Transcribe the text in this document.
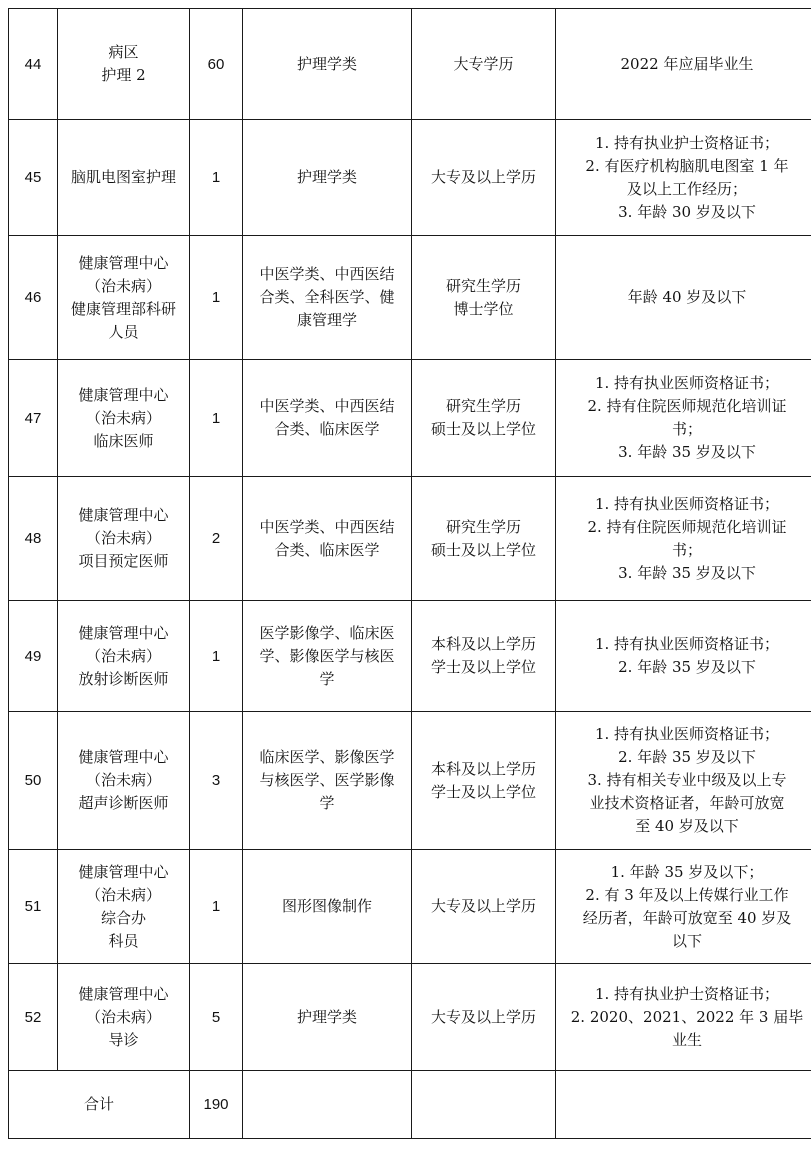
44	病区
护理 2	60	护理学类	大专学历	2022 年应届毕业生
45	脑肌电图室护理	1	护理学类	大专及以上学历	1. 持有执业护士资格证书；
2. 有医疗机构脑肌电图室 1 年
及以上工作经历；
3. 年龄 30 岁及以下
46	健康管理中心
（治未病）
健康管理部科研
人员	1	中医学类、中西医结
合类、全科医学、健
康管理学	研究生学历
博士学位	年龄 40 岁及以下
47	健康管理中心
（治未病）
临床医师	1	中医学类、中西医结
合类、临床医学	研究生学历
硕士及以上学位	1. 持有执业医师资格证书；
2. 持有住院医师规范化培训证
书；
3. 年龄 35 岁及以下
48	健康管理中心
（治未病）
项目预定医师	2	中医学类、中西医结
合类、临床医学	研究生学历
硕士及以上学位	1. 持有执业医师资格证书；
2. 持有住院医师规范化培训证
书；
3. 年龄 35 岁及以下
49	健康管理中心
（治未病）
放射诊断医师	1	医学影像学、临床医
学、影像医学与核医
学	本科及以上学历
学士及以上学位	1. 持有执业医师资格证书；
2. 年龄 35 岁及以下
50	健康管理中心
（治未病）
超声诊断医师	3	临床医学、影像医学
与核医学、医学影像
学	本科及以上学历
学士及以上学位	1. 持有执业医师资格证书；
2. 年龄 35 岁及以下
3. 持有相关专业中级及以上专
业技术资格证者，年龄可放宽
至 40 岁及以下
51	健康管理中心
（治未病）
综合办
科员	1	图形图像制作	大专及以上学历	1. 年龄 35 岁及以下；
2. 有 3 年及以上传媒行业工作
经历者，年龄可放宽至 40 岁及
以下
52	健康管理中心
（治未病）
导诊	5	护理学类	大专及以上学历	1. 持有执业护士资格证书；
2. 2020、2021、2022 年 3 届毕
业生
合计		190			
